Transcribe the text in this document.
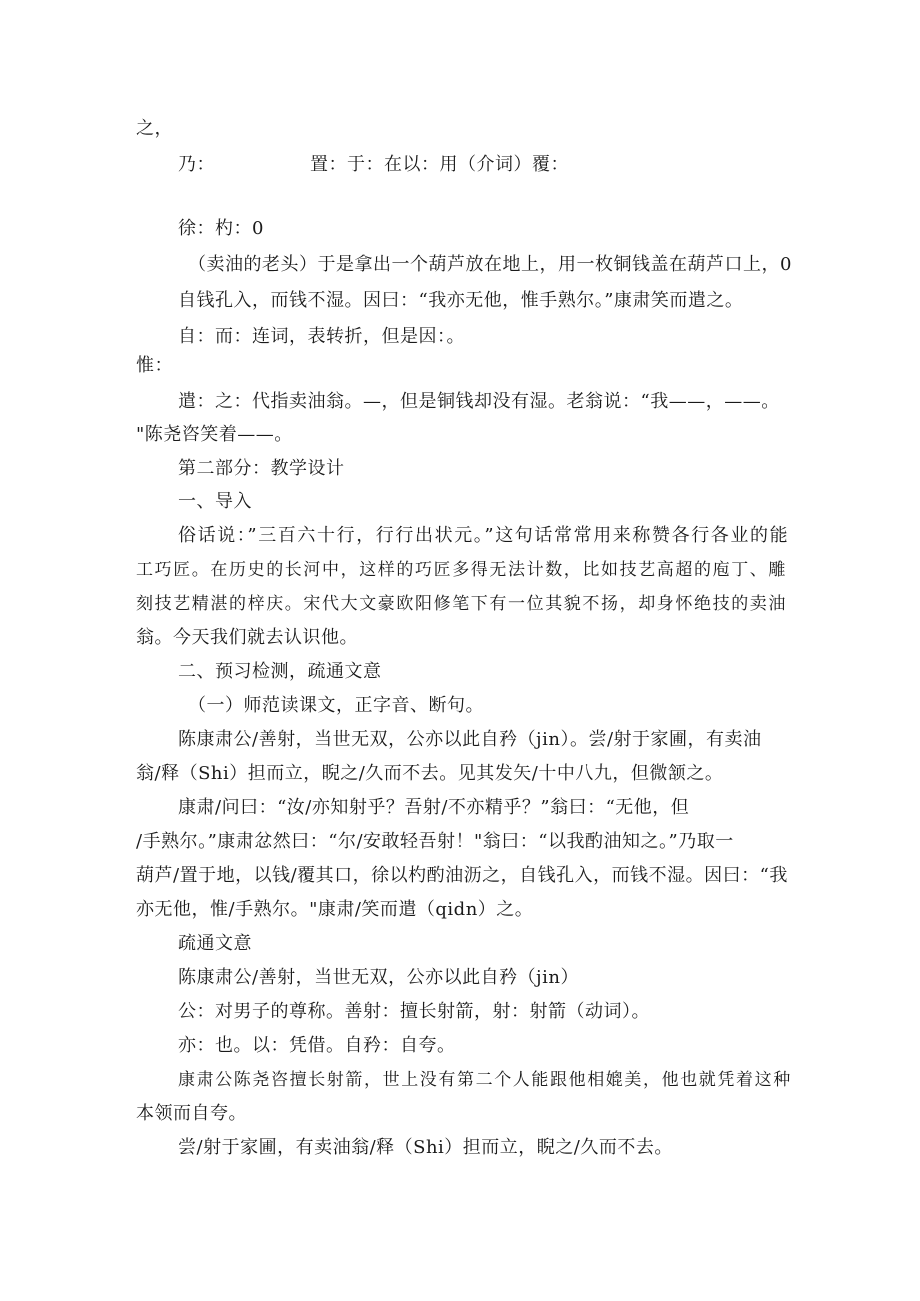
之，
乃：	置：于：在以：用（介词）覆：
徐：杓：0
（卖油的老头）于是拿出一个葫芦放在地上，用一枚铜钱盖在葫芦口上，0
自钱孔入，而钱不湿。因曰：“我亦无他，惟手熟尔。”康肃笑而遣之。
自：而：连词，表转折，但是因：。
惟：
遣：之：代指卖油翁。—，但是铜钱却没有湿。老翁说：“我——，——。
"陈尧咨笑着——。
第二部分：教学设计
一、导入
俗话说：”三百六十行，行行出状元。”这句话常常用来称赞各行各业的能
工巧匠。在历史的长河中，这样的巧匠多得无法计数，比如技艺高超的庖丁、雕
刻技艺精湛的梓庆。宋代大文豪欧阳修笔下有一位其貌不扬，却身怀绝技的卖油
翁。今天我们就去认识他。
二、预习检测，疏通文意
（一）师范读课文，正字音、断句。
陈康肃公/善射，当世无双，公亦以此自矜（jin）。尝/射于家圃，有卖油
翁/释（Shi）担而立，睨之/久而不去。见其发矢/十中八九，但微颔之。
康肃/问曰：“汝/亦知射乎？吾射/不亦精乎？”翁曰：“无他，但
/手熟尔。”康肃忿然曰：“尔/安敢轻吾射！"翁曰：“以我酌油知之。”乃取一
葫芦/置于地，以钱/覆其口，徐以杓酌油沥之，自钱孔入，而钱不湿。因曰：“我
亦无他，惟/手熟尔。"康肃/笑而遣（qidn）之。
疏通文意
陈康肃公/善射，当世无双，公亦以此自矜（jin）
公：对男子的尊称。善射：擅长射箭，射：射箭（动词）。
亦：也。以：凭借。自矜：自夸。
康肃公陈尧咨擅长射箭，世上没有第二个人能跟他相媲美，他也就凭着这种
本领而自夸。
尝/射于家圃，有卖油翁/释（Shi）担而立，睨之/久而不去。
